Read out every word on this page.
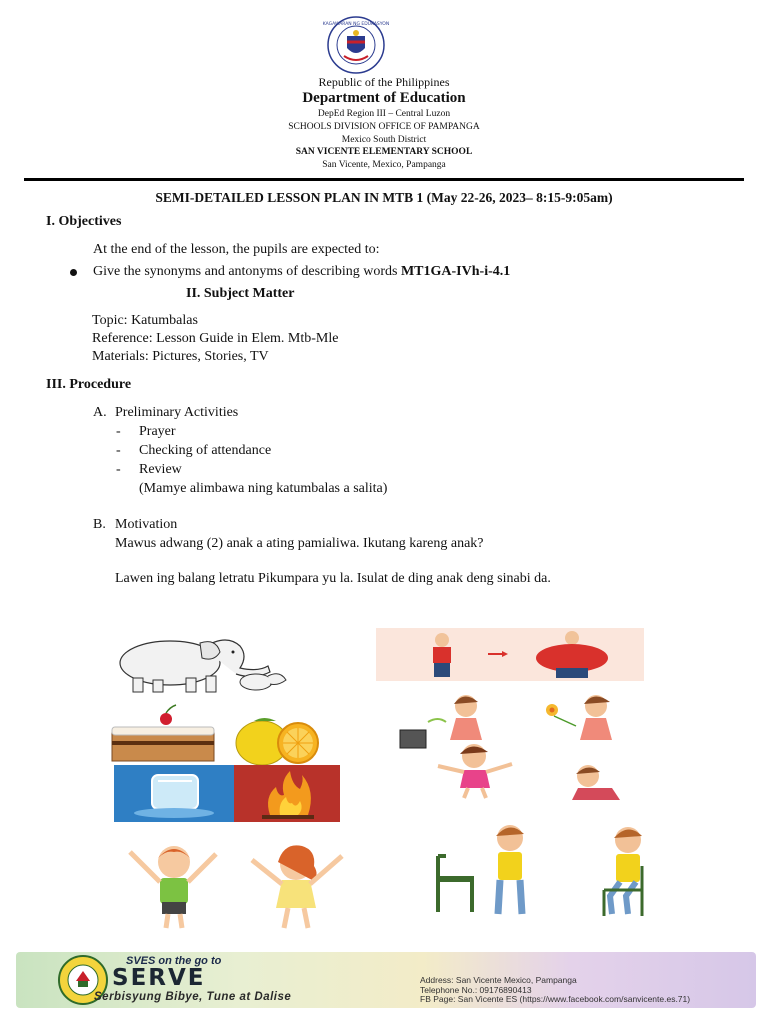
KAGAWARAN NG EDUKASYON
Republic of the Philippines
Department of Education
DepEd Region III – Central Luzon
SCHOOLS DIVISION OFFICE OF PAMPANGA
Mexico South District
SAN VICENTE ELEMENTARY SCHOOL
San Vicente, Mexico, Pampanga
SEMI-DETAILED LESSON PLAN IN MTB 1 (May 22-26, 2023– 8:15-9:05am)
I. Objectives
At the end of the lesson, the pupils are expected to:
Give the synonyms and antonyms of describing words MT1GA-IVh-i-4.1
II. Subject Matter
Topic: Katumbalas
Reference: Lesson Guide in Elem. Mtb-Mle
Materials: Pictures, Stories, TV
III. Procedure
A. Preliminary Activities
- Prayer
- Checking of attendance
- Review
(Mamye alimbawa ning katumbalas a salita)
B. Motivation
Mawus adwang (2) anak a ating pamialiwa. Ikutang kareng anak?
Lawen ing balang letratu Pikumpara yu la. Isulat de ding anak deng sinabi da.
SVES on the go to
SERVE
Serbisyung Bibye, Tune at Dalise
Address: San Vicente Mexico, Pampanga
Telephone No.: 09176890413
FB Page: San Vicente ES (https://www.facebook.com/sanvicente.es.71)
